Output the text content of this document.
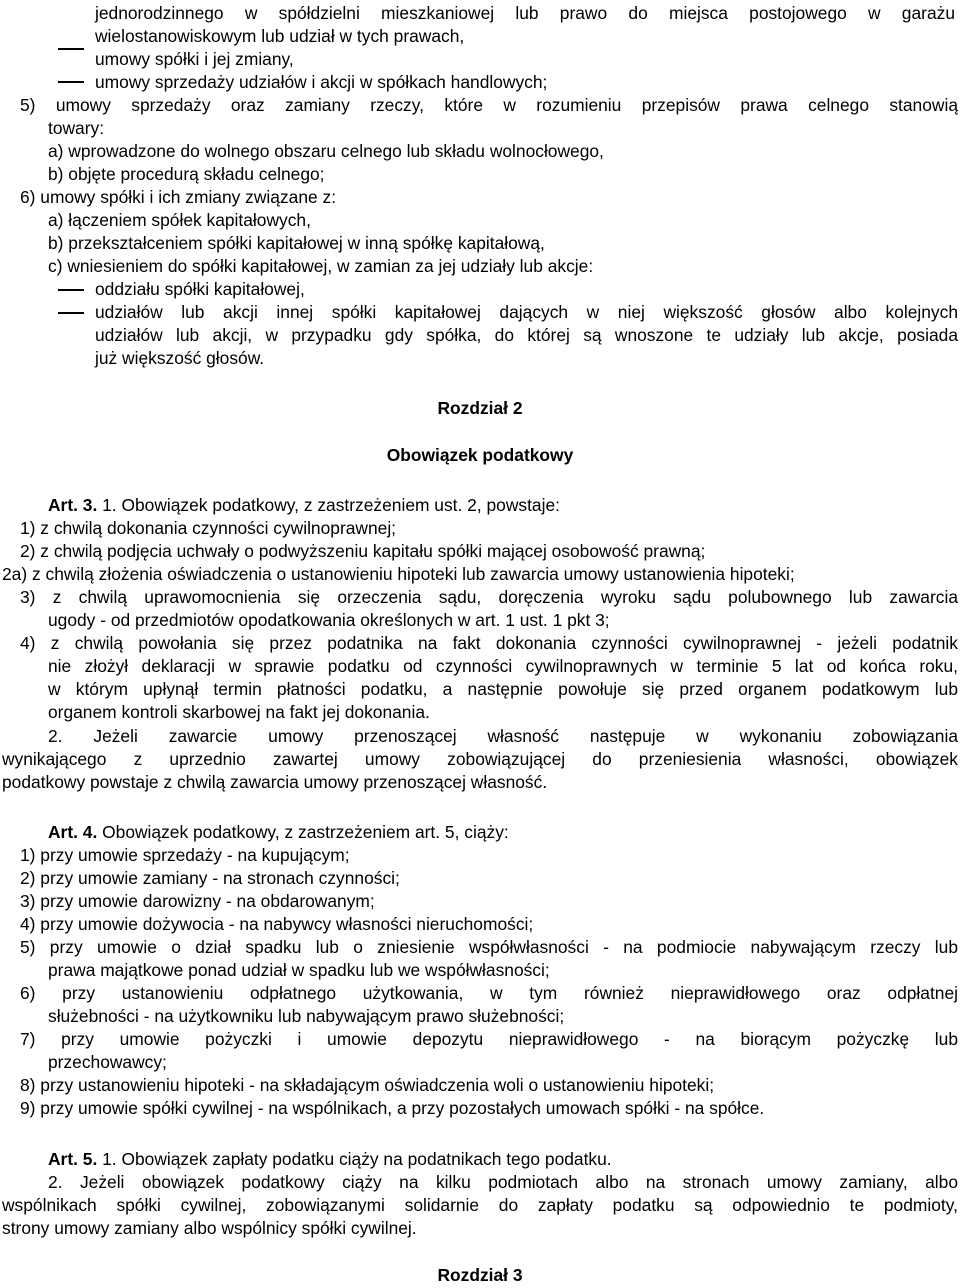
jednorodzinnego w spółdzielni mieszkaniowej lub prawo do miejsca postojowego w garażu
wielostanowiskowym lub udział w tych prawach,
umowy spółki i jej zmiany,
umowy sprzedaży udziałów i akcji w spółkach handlowych;
5) umowy sprzedaży oraz zamiany rzeczy, które w rozumieniu przepisów prawa celnego stanowią
towary:
a) wprowadzone do wolnego obszaru celnego lub składu wolnocłowego,
b) objęte procedurą składu celnego;
6) umowy spółki i ich zmiany związane z:
a) łączeniem spółek kapitałowych,
b) przekształceniem spółki kapitałowej w inną spółkę kapitałową,
c) wniesieniem do spółki kapitałowej, w zamian za jej udziały lub akcje:
oddziału spółki kapitałowej,
udziałów lub akcji innej spółki kapitałowej dających w niej większość głosów albo kolejnych
udziałów lub akcji, w przypadku gdy spółka, do której są wnoszone te udziały lub akcje, posiada
już większość głosów.
Rozdział 2
Obowiązek podatkowy
Art. 3. 1. Obowiązek podatkowy, z zastrzeżeniem ust. 2, powstaje:
1) z chwilą dokonania czynności cywilnoprawnej;
2) z chwilą podjęcia uchwały o podwyższeniu kapitału spółki mającej osobowość prawną;
2a) z chwilą złożenia oświadczenia o ustanowieniu hipoteki lub zawarcia umowy ustanowienia hipoteki;
3) z chwilą uprawomocnienia się orzeczenia sądu, doręczenia wyroku sądu polubownego lub zawarcia
ugody - od przedmiotów opodatkowania określonych w art. 1 ust. 1 pkt 3;
4) z chwilą powołania się przez podatnika na fakt dokonania czynności cywilnoprawnej - jeżeli podatnik
nie złożył deklaracji w sprawie podatku od czynności cywilnoprawnych w terminie 5 lat od końca roku,
w którym upłynął termin płatności podatku, a następnie powołuje się przed organem podatkowym lub
organem kontroli skarbowej na fakt jej dokonania.
2. Jeżeli zawarcie umowy przenoszącej własność następuje w wykonaniu zobowiązania
wynikającego z uprzednio zawartej umowy zobowiązującej do przeniesienia własności, obowiązek
podatkowy powstaje z chwilą zawarcia umowy przenoszącej własność.
Art. 4. Obowiązek podatkowy, z zastrzeżeniem art. 5, ciąży:
1) przy umowie sprzedaży - na kupującym;
2) przy umowie zamiany - na stronach czynności;
3) przy umowie darowizny - na obdarowanym;
4) przy umowie dożywocia - na nabywcy własności nieruchomości;
5) przy umowie o dział spadku lub o zniesienie współwłasności - na podmiocie nabywającym rzeczy lub
prawa majątkowe ponad udział w spadku lub we współwłasności;
6) przy ustanowieniu odpłatnego użytkowania, w tym również nieprawidłowego oraz odpłatnej
służebności - na użytkowniku lub nabywającym prawo służebności;
7) przy umowie pożyczki i umowie depozytu nieprawidłowego - na biorącym pożyczkę lub
przechowawcy;
8) przy ustanowieniu hipoteki - na składającym oświadczenia woli o ustanowieniu hipoteki;
9) przy umowie spółki cywilnej - na wspólnikach, a przy pozostałych umowach spółki - na spółce.
Art. 5. 1. Obowiązek zapłaty podatku ciąży na podatnikach tego podatku.
2. Jeżeli obowiązek podatkowy ciąży na kilku podmiotach albo na stronach umowy zamiany, albo
wspólnikach spółki cywilnej, zobowiązanymi solidarnie do zapłaty podatku są odpowiednio te podmioty,
strony umowy zamiany albo wspólnicy spółki cywilnej.
Rozdział 3
